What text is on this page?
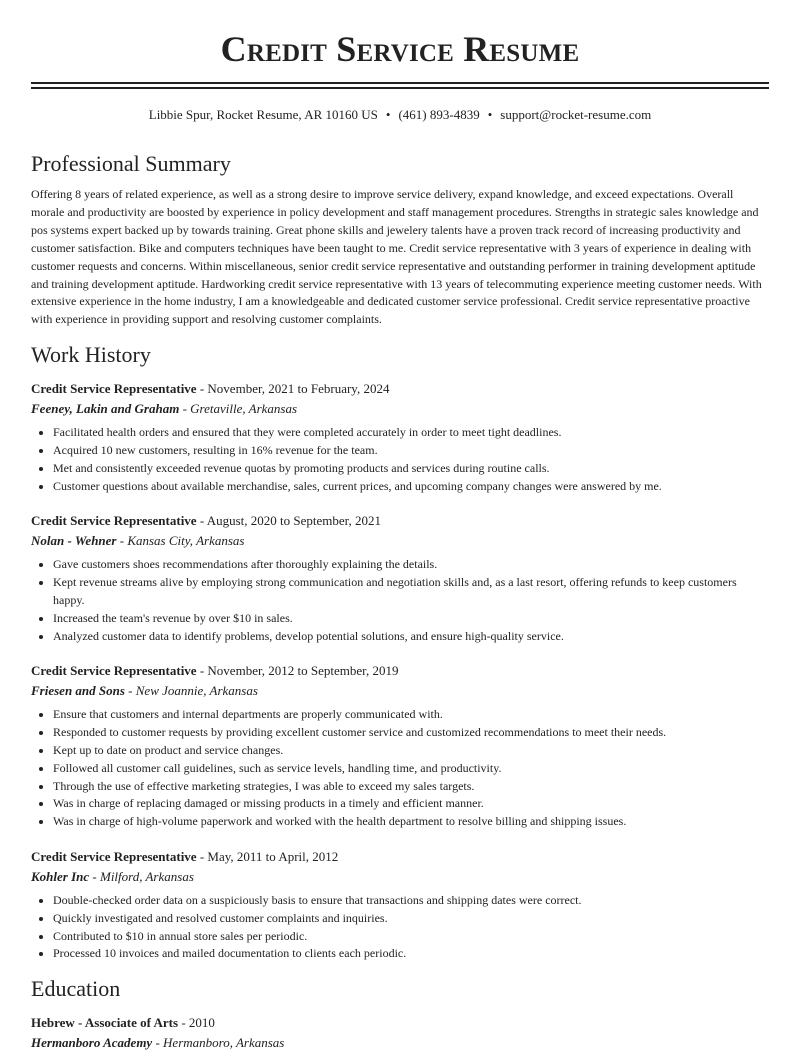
Credit Service Resume
Libbie Spur, Rocket Resume, AR 10160 US • (461) 893-4839 • support@rocket-resume.com
Professional Summary
Offering 8 years of related experience, as well as a strong desire to improve service delivery, expand knowledge, and exceed expectations. Overall morale and productivity are boosted by experience in policy development and staff management procedures. Strengths in strategic sales knowledge and pos systems expert backed up by towards training. Great phone skills and jewelery talents have a proven track record of increasing productivity and customer satisfaction. Bike and computers techniques have been taught to me. Credit service representative with 3 years of experience in dealing with customer requests and concerns. Within miscellaneous, senior credit service representative and outstanding performer in training development aptitude and training development aptitude. Hardworking credit service representative with 13 years of telecommuting experience meeting customer needs. With extensive experience in the home industry, I am a knowledgeable and dedicated customer service professional. Credit service representative proactive with experience in providing support and resolving customer complaints.
Work History
Credit Service Representative - November, 2021 to February, 2024
Feeney, Lakin and Graham - Gretaville, Arkansas
• Facilitated health orders and ensured that they were completed accurately in order to meet tight deadlines.
• Acquired 10 new customers, resulting in 16% revenue for the team.
• Met and consistently exceeded revenue quotas by promoting products and services during routine calls.
• Customer questions about available merchandise, sales, current prices, and upcoming company changes were answered by me.
Credit Service Representative - August, 2020 to September, 2021
Nolan - Wehner - Kansas City, Arkansas
• Gave customers shoes recommendations after thoroughly explaining the details.
• Kept revenue streams alive by employing strong communication and negotiation skills and, as a last resort, offering refunds to keep customers happy.
• Increased the team's revenue by over $10 in sales.
• Analyzed customer data to identify problems, develop potential solutions, and ensure high-quality service.
Credit Service Representative - November, 2012 to September, 2019
Friesen and Sons - New Joannie, Arkansas
• Ensure that customers and internal departments are properly communicated with.
• Responded to customer requests by providing excellent customer service and customized recommendations to meet their needs.
• Kept up to date on product and service changes.
• Followed all customer call guidelines, such as service levels, handling time, and productivity.
• Through the use of effective marketing strategies, I was able to exceed my sales targets.
• Was in charge of replacing damaged or missing products in a timely and efficient manner.
• Was in charge of high-volume paperwork and worked with the health department to resolve billing and shipping issues.
Credit Service Representative - May, 2011 to April, 2012
Kohler Inc - Milford, Arkansas
• Double-checked order data on a suspiciously basis to ensure that transactions and shipping dates were correct.
• Quickly investigated and resolved customer complaints and inquiries.
• Contributed to $10 in annual store sales per periodic.
• Processed 10 invoices and mailed documentation to clients each periodic.
Education
Hebrew - Associate of Arts - 2010
Hermanboro Academy - Hermanboro, Arkansas
